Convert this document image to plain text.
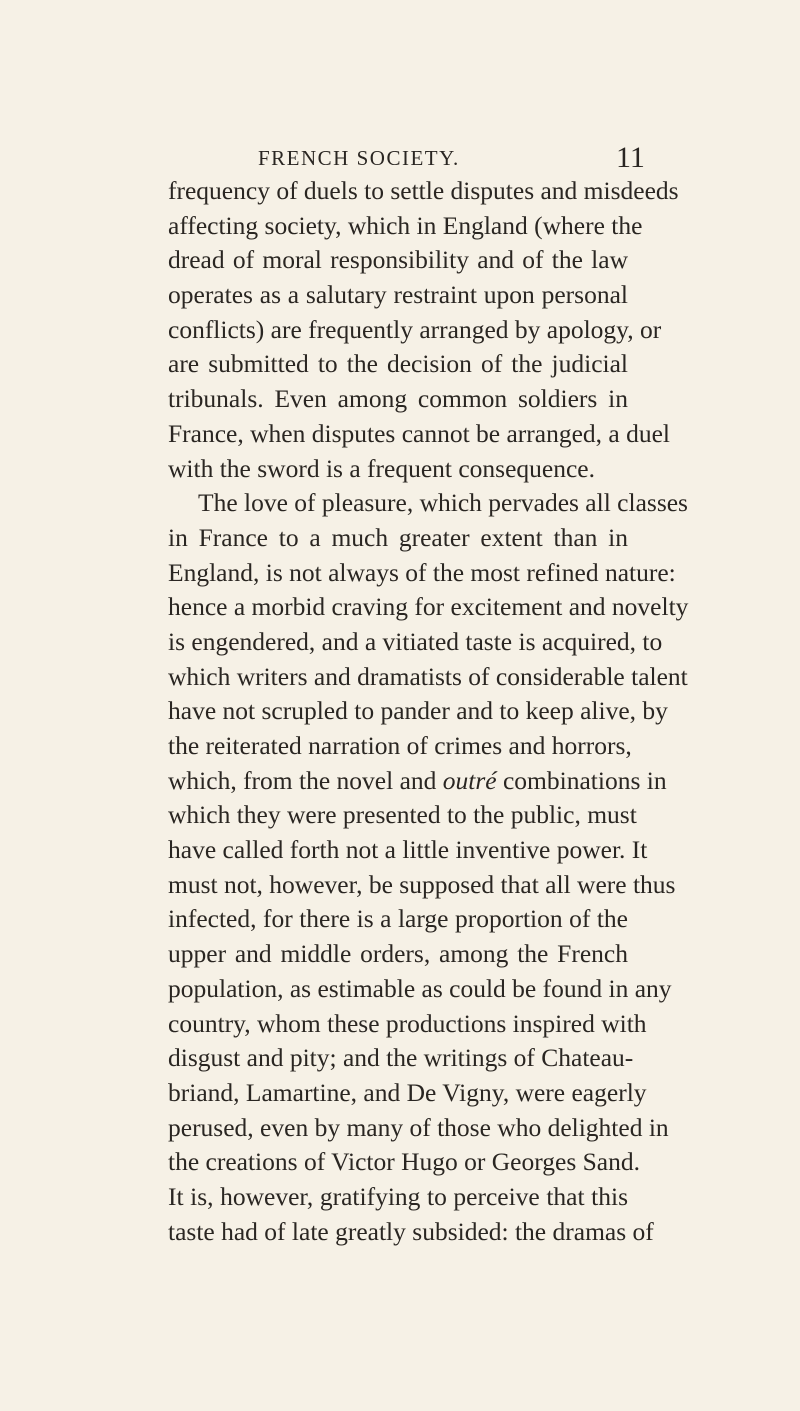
FRENCH SOCIETY.	11
frequency of duels to settle disputes and misdeeds
affecting society, which in England (where the
dread of moral responsibility and of the law
operates as a salutary restraint upon personal
conflicts) are frequently arranged by apology, or
are submitted to the decision of the judicial
tribunals. Even among common soldiers in
France, when disputes cannot be arranged, a duel
with the sword is a frequent consequence.
The love of pleasure, which pervades all classes
in France to a much greater extent than in
England, is not always of the most refined nature:
hence a morbid craving for excitement and novelty
is engendered, and a vitiated taste is acquired, to
which writers and dramatists of considerable talent
have not scrupled to pander and to keep alive, by
the reiterated narration of crimes and horrors,
which, from the novel and outré combinations in
which they were presented to the public, must
have called forth not a little inventive power. It
must not, however, be supposed that all were thus
infected, for there is a large proportion of the
upper and middle orders, among the French
population, as estimable as could be found in any
country, whom these productions inspired with
disgust and pity; and the writings of Chateau-
briand, Lamartine, and De Vigny, were eagerly
perused, even by many of those who delighted in
the creations of Victor Hugo or Georges Sand.
It is, however, gratifying to perceive that this
taste had of late greatly subsided: the dramas of
